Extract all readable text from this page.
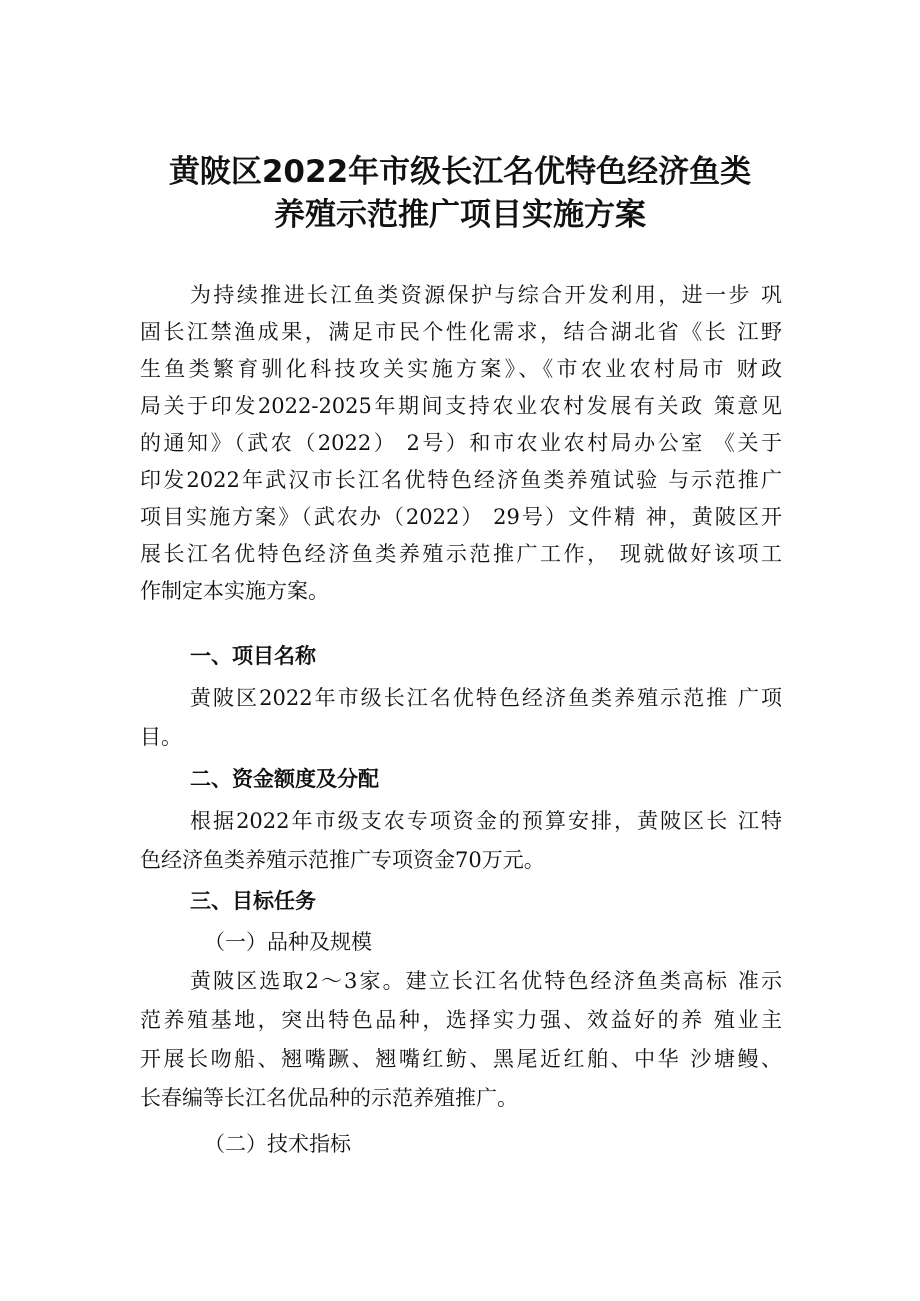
黄陂区2022年市级长江名优特色经济鱼类
养殖示范推广项目实施方案
为持续推进长江鱼类资源保护与综合开发利用，进一步 巩
固长江禁渔成果，满足市民个性化需求，结合湖北省《长 江野
生鱼类繁育驯化科技攻关实施方案》、《市农业农村局市 财政
局关于印发2022-2025年期间支持农业农村发展有关政 策意见
的通知》（武农（2022） 2号）和市农业农村局办公室 《关于
印发2022年武汉市长江名优特色经济鱼类养殖试验 与示范推广
项目实施方案》（武农办（2022） 29号）文件精 神，黄陂区开
展长江名优特色经济鱼类养殖示范推广工作， 现就做好该项工
作制定本实施方案。
一、项目名称
黄陂区2022年市级长江名优特色经济鱼类养殖示范推 广项
目。
二、资金额度及分配
根据2022年市级支农专项资金的预算安排，黄陂区长 江特
色经济鱼类养殖示范推广专项资金70万元。
三、目标任务
（一）品种及规模
黄陂区选取2～3家。建立长江名优特色经济鱼类高标 准示
范养殖基地，突出特色品种，选择实力强、效益好的养 殖业主
开展长吻船、翘嘴蹶、翘嘴红鲂、黑尾近红舶、中华 沙塘鳗、
长春编等长江名优品种的示范养殖推广。
（二）技术指标
